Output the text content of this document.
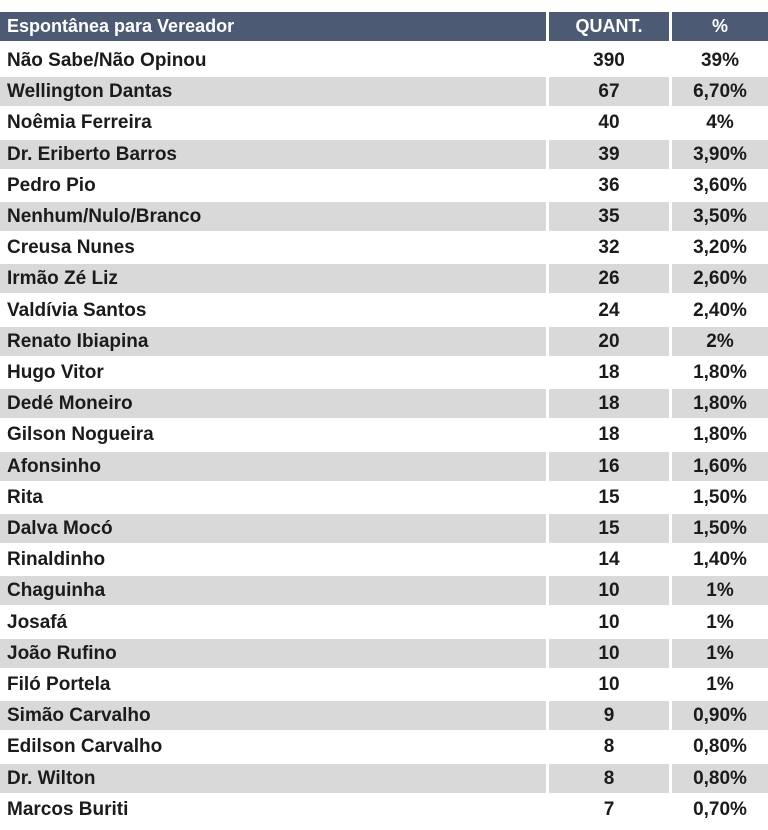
Espontânea para Vereador	QUANT.	%
Não Sabe/Não Opinou	390	39%
Wellington Dantas	67	6,70%
Noêmia Ferreira	40	4%
Dr. Eriberto Barros	39	3,90%
Pedro Pio	36	3,60%
Nenhum/Nulo/Branco	35	3,50%
Creusa Nunes	32	3,20%
Irmão Zé Liz	26	2,60%
Valdívia Santos	24	2,40%
Renato Ibiapina	20	2%
Hugo Vitor	18	1,80%
Dedé Moneiro	18	1,80%
Gilson Nogueira	18	1,80%
Afonsinho	16	1,60%
Rita	15	1,50%
Dalva Mocó	15	1,50%
Rinaldinho	14	1,40%
Chaguinha	10	1%
Josafá	10	1%
João Rufino	10	1%
Filó Portela	10	1%
Simão Carvalho	9	0,90%
Edilson Carvalho	8	0,80%
Dr. Wilton	8	0,80%
Marcos Buriti	7	0,70%
